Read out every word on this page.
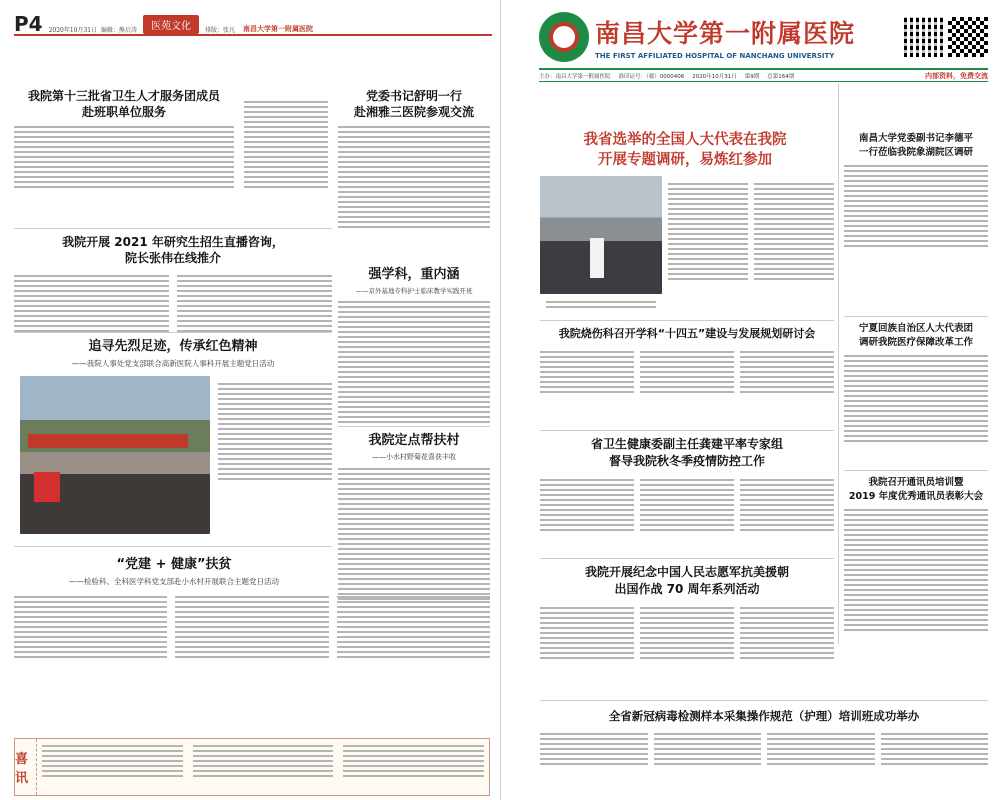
P4 2020年10月31日
编辑：熊启涛	医苑文化	排版：张凡 南昌大学第一附属医院
我院第十三批省卫生人才服务团成员
赴班职单位服务
党委书记舒明一行
赴湘雅三医院参观交流
我院开展 2021 年研究生招生直播咨询，
院长张伟在线推介
强学科，重内涵
——京外基地专科护士临床教学实践开班
追寻先烈足迹，传承红色精神
——我院人事处党支部联合高新医院人事科开展主题党日活动
我院定点帮扶村
——小水村野菊花喜获丰收
“党建 + 健康”扶贫
——检验科、全科医学科党支部赴小水村开展联合主题党日活动
喜讯
南昌大学第一附属医院
THE FIRST AFFILIATED HOSPITAL OF NANCHANG UNIVERSITY
主办：南昌大学第一附属医院 准印证号：（赣）0000406 2020年10月31日 第9期 总第164期	内部资料，免费交流
我省选举的全国人大代表在我院
开展专题调研，易炼红参加
我院烧伤科召开学科“十四五”建设与发展规划研讨会
省卫生健康委副主任龚建平率专家组
督导我院秋冬季疫情防控工作
我院开展纪念中国人民志愿军抗美援朝
出国作战 70 周年系列活动
全省新冠病毒检测样本采集操作规范（护理）培训班成功举办
南昌大学党委副书记李德平
一行莅临我院象湖院区调研
宁夏回族自治区人大代表团
调研我院医疗保障改革工作
我院召开通讯员培训暨
2019 年度优秀通讯员表彰大会
